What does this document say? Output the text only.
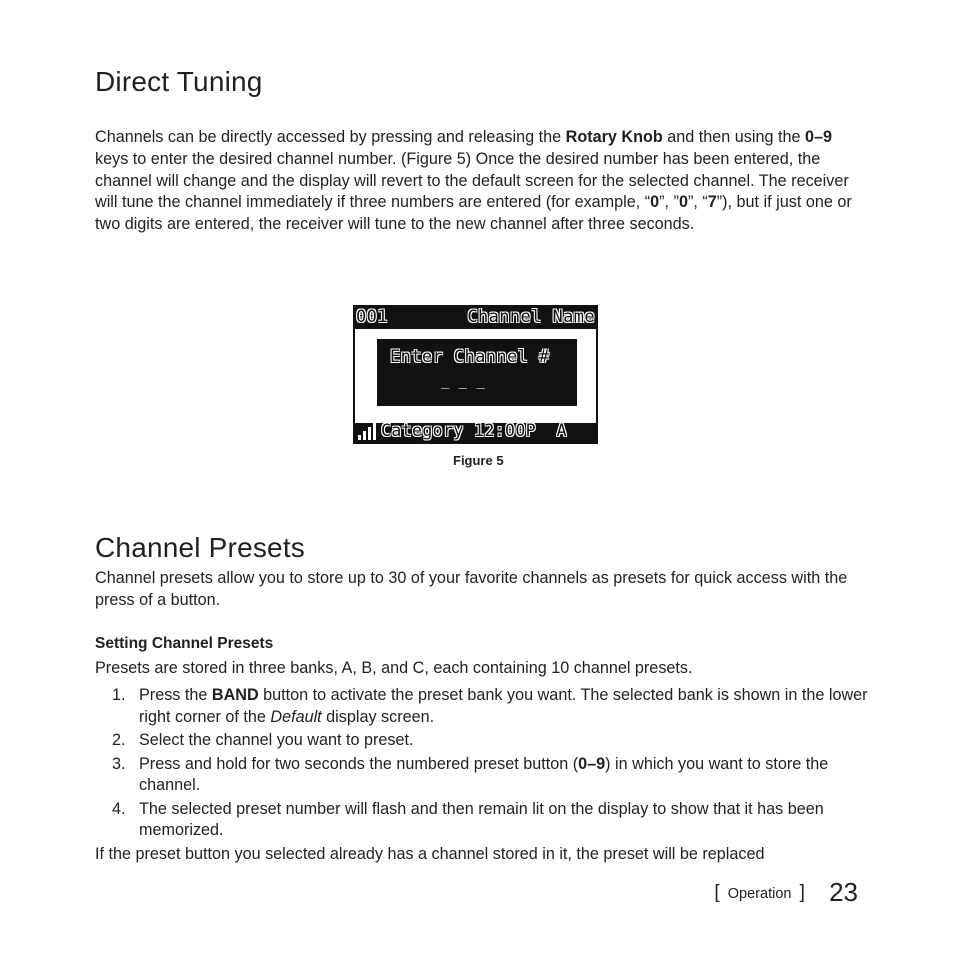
Direct Tuning

Channels can be directly accessed by pressing and releasing the Rotary Knob and then using the 0–9 keys to enter the desired channel number. (Figure 5) Once the desired number has been entered, the channel will change and the display will revert to the default screen for the selected channel. The receiver will tune the channel immediately if three numbers are entered (for example, “0”, ”0”, “7”), but if just one or two digits are entered, the receiver will tune to the new channel after three seconds.

001	Channel Name
Enter Channel #
_ _ _
Category 12:00P  A
Figure 5
Channel Presets

Channel presets allow you to store up to 30 of your favorite channels as presets for quick access with the press of a button.

Setting Channel Presets

Presets are stored in three banks, A, B, and C, each containing 10 channel presets.

1. Press the BAND button to activate the preset bank you want. The selected bank is shown in the lower right corner of the Default display screen.
2. Select the channel you want to preset.
3. Press and hold for two seconds the numbered preset button (0–9) in which you want to store the channel.
4. The selected preset number will flash and then remain lit on the display to show that it has been memorized.

If the preset button you selected already has a channel stored in it, the preset will be replaced

[ Operation ] 23
